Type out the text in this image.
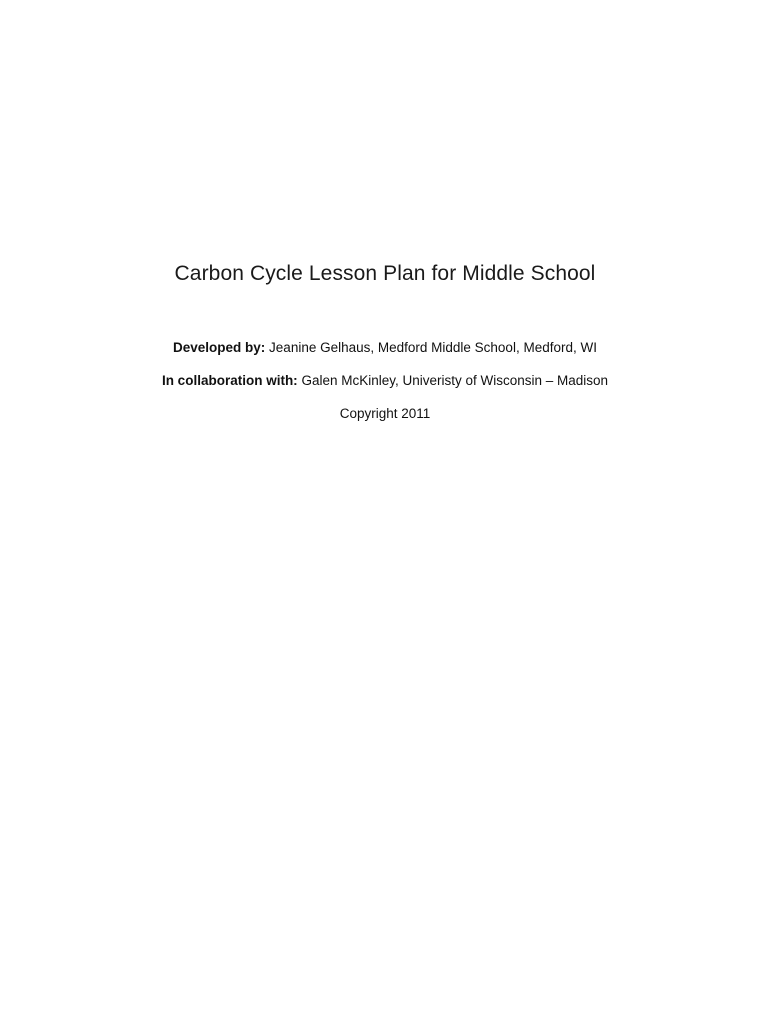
Carbon Cycle Lesson Plan for Middle School
Developed by: Jeanine Gelhaus, Medford Middle School, Medford, WI
In collaboration with: Galen McKinley, Univeristy of Wisconsin – Madison
Copyright 2011
